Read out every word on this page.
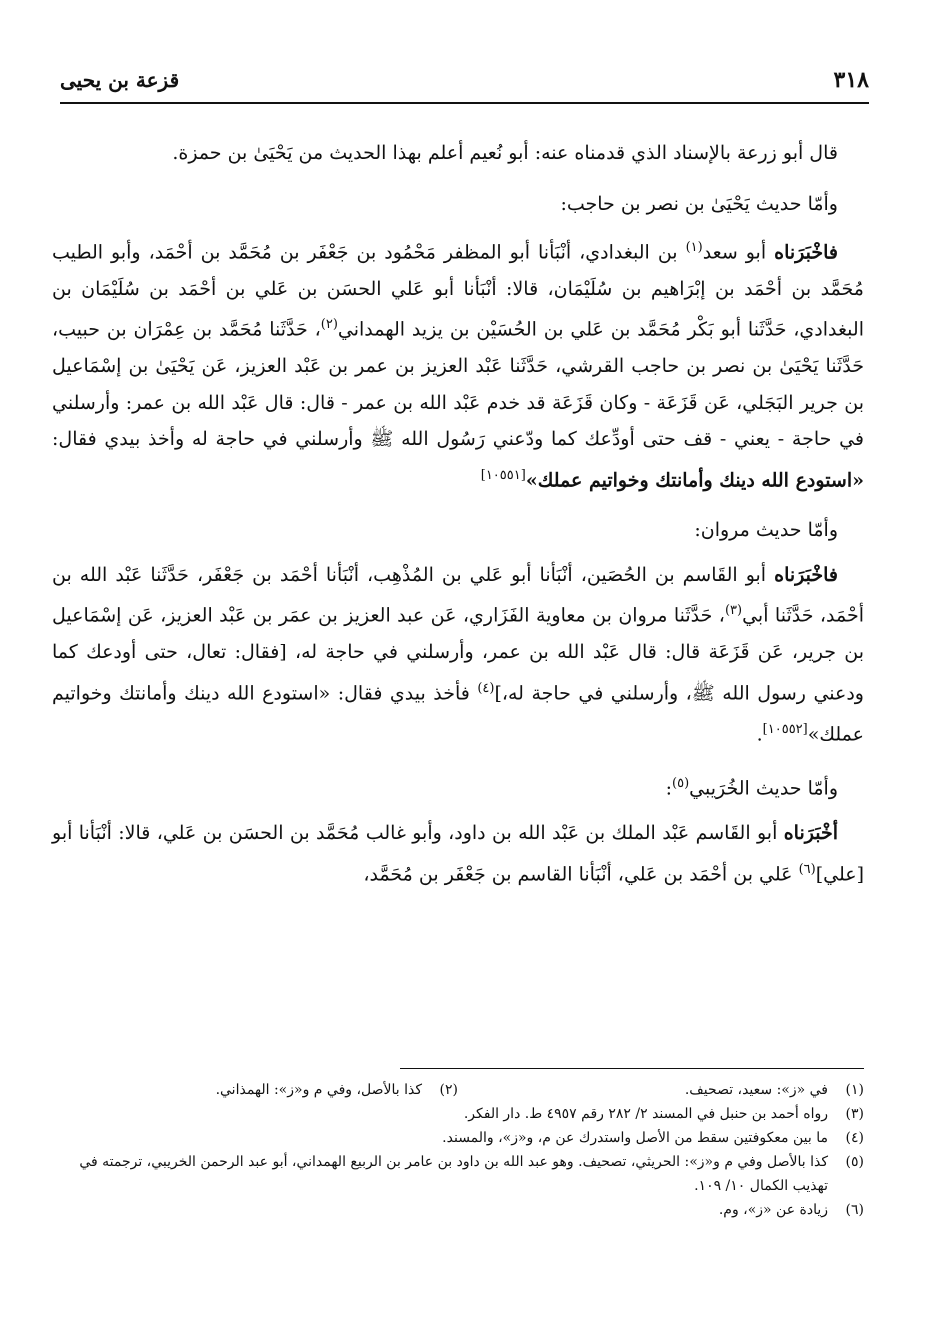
٣١٨
قزعة بن يحيى

قال أبو زرعة بالإسناد الذي قدمناه عنه: أبو نُعيم أعلم بهذا الحديث من يَحْيَىٰ بن حمزة.

وأمّا حديث يَحْيَىٰ بن نصر بن حاجب:

فاخْبَرَناه أبو سعد$^{(١)}$ بن البغدادي، أنْبَأنا أبو المظفر مَحْمُود بن جَعْفَر بن مُحَمَّد بن أحْمَد، وأبو الطيب مُحَمَّد بن أحْمَد بن إبْرَاهيم بن سُلَيْمَان، قالا: أنْبَأنا أبو عَلي الحسَن بن عَلي بن أحْمَد بن سُلَيْمَان بن البغدادي، حَدَّثَنا أبو بَكْر مُحَمَّد بن عَلي بن الحُسَيْن بن يزيد الهمداني$^{(٢)}$، حَدَّثَنا مُحَمَّد بن عِمْرَان بن حبيب، حَدَّثَنا يَحْيَىٰ بن نصر بن حاجب القرشي، حَدَّثَنا عَبْد العزيز بن عمر بن عَبْد العزيز، عَن يَحْيَىٰ بن إسْمَاعيل بن جرير البَجَلي، عَن قَزَعَة - وكان قَزَعَة قد خدم عَبْد الله بن عمر - قال: قال عَبْد الله بن عمر: وأرسلني في حاجة - يعني - قف حتى أودِّعك كما ودّعني رَسُول الله ﷺ وأرسلني في حاجة له وأخذ بيدي فقال: «استودع الله دينك وأمانتك وخواتيم عملك»[١٠٥٥١]

وأمّا حديث مروان:

فاخْبَرَناه أبو القَاسم بن الحُصَين، أنْبَأنا أبو عَلي بن المُذْهِب، أنْبَأنا أحْمَد بن جَعْفَر، حَدَّثَنا عَبْد الله بن أحْمَد، حَدَّثَنا أبي$^{(٣)}$، حَدَّثَنا مروان بن معاوية الفَزَاري، عَن عبد العزيز بن عمَر بن عَبْد العزيز، عَن إسْمَاعيل بن جرير، عَن قَزَعَة قال: قال عَبْد الله بن عمر، وأرسلني في حاجة له، [فقال: تعال، حتى أودعك كما ودعني رسول الله ﷺ، وأرسلني في حاجة له،]$^{(٤)}$ فأخذ بيدي فقال: «استودع الله دينك وأمانتك وخواتيم عملك»[١٠٥٥٢].

وأمّا حديث الخُرَيبي$^{(٥)}$:

أخْبَرَناه أبو القَاسم عَبْد الملك بن عَبْد الله بن داود، وأبو غالب مُحَمَّد بن الحسَن بن عَلي، قالا: أنْبَأنا أبو [علي]$^{(٦)}$ عَلي بن أحْمَد بن عَلي، أنْبَأنا القاسم بن جَعْفَر بن مُحَمَّد،

(١)
في «ز»: سعيد، تصحيف.
(٢)
كذا بالأصل، وفي م و«ز»: الهمذاني.
(٣)
رواه أحمد بن حنبل في المسند ٢/ ٢٨٢ رقم ٤٩٥٧ ط. دار الفكر.
(٤)
ما بين معكوفتين سقط من الأصل واستدرك عن م، و«ز»، والمسند.
(٥)
كذا بالأصل وفي م و«ز»: الحريثي، تصحيف. وهو عبد الله بن داود بن عامر بن الربيع الهمداني، أبو عبد الرحمن الخريبي، ترجمته في تهذيب الكمال ١٠/ ١٠٩.
(٦)
زيادة عن «ز»، وم.
